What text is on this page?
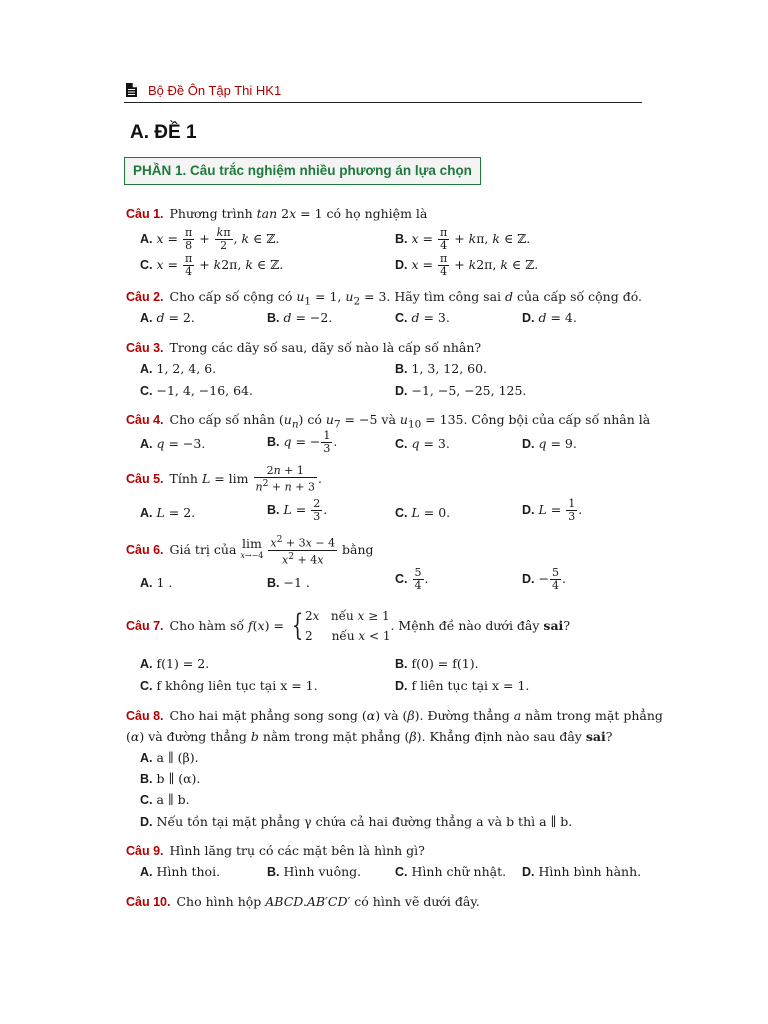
Bộ Đề Ôn Tập Thi HK1
A. ĐỀ 1
PHẦN 1. Câu trắc nghiệm nhiều phương án lựa chọn
Câu 1. Phương trình tan 2x = 1 có họ nghiệm là
A. $x = \frac{\pi}{8} + \frac{k\pi}{2}$ , k ∈ ℤ.	B. $x = \frac{\pi}{4} + k\pi$, k ∈ ℤ.
C. $x = \frac{\pi}{4} + k2\pi$, k ∈ ℤ.	D. $x = \frac{\pi}{4} + k2\pi$, k ∈ ℤ.
Câu 2. Cho cấp số cộng có $u_1 = 1$, $u_2 = 3$. Hãy tìm công sai d của cấp số cộng đó.
A. d = 2.	B. d = −2.	C. d = 3.	D. d = 4.
Câu 3. Trong các dãy số sau, dãy số nào là cấp số nhân?
A. 1, 2, 4, 6.	B. 1, 3, 12, 60.
C. −1, 4, −16, 64.	D. −1, −5, −25, 125.
Câu 4. Cho cấp số nhân $(u_n)$ có $u_7 = -5$ và $u_{10} = 135$. Công bội của cấp số nhân là
A. q = −3.	B. q = − $\frac{1}{3}$ .	C. q = 3.	D. q = 9.
Câu 5. Tính $L = \lim \frac{2n + 1}{n^2 + n + 3}$ .
A. L = 2.	B. $L = \frac{2}{3}$ .	C. L = 0.	D. $L = \frac{1}{3}$ .
Câu 6. Giá trị của lim
x→−4
$\frac{x^2 + 3x - 4}{x^2 + 4x}$ bằng
A. 1 .	B. −1 .	C. $\frac{5}{4}$ .	D. − $\frac{5}{4}$ .
Câu 7. Cho hàm số f(x) = { 2x   nếu x ≥ 1
2     nếu x < 1. Mệnh đề nào dưới đây sai?
A. f(1) = 2.	B. f(0) = f(1).
C. f không liên tục tại x = 1.	D. f liên tục tại x = 1.
Câu 8. Cho hai mặt phẳng song song (α) và (β). Đường thẳng a nằm trong mặt phẳng
(α) và đường thẳng b nằm trong mặt phẳng (β). Khẳng định nào sau đây sai?
A. a ∥ (β).
B. b ∥ (α).
C. a ∥ b.
D. Nếu tồn tại mặt phẳng γ chứa cả hai đường thẳng a và b thì a ∥ b.
Câu 9. Hình lăng trụ có các mặt bên là hình gì?
A. Hình thoi.	B. Hình vuông.	C. Hình chữ nhật. D. Hình bình hành.
Câu 10. Cho hình hộp ABCD.AB′CD′ có hình vẽ dưới đây.
